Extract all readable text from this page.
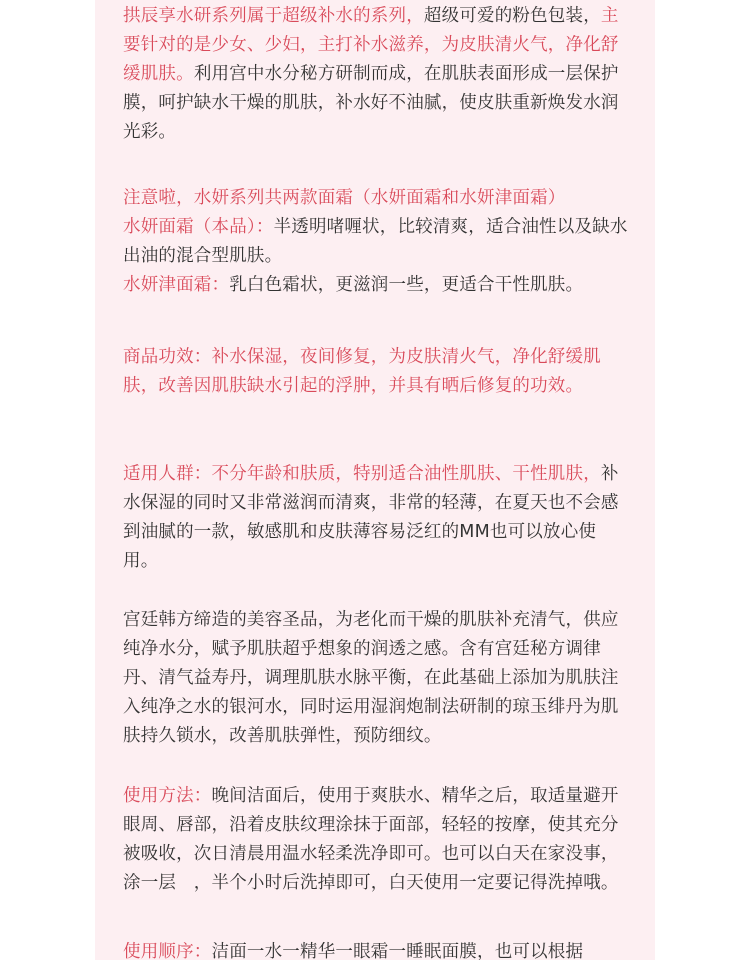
拱辰享水研系列属于超级补水的系列，超级可爱的粉色包装，主要针对的是少女、少妇，主打补水滋养，为皮肤清火气，净化舒缓肌肤。利用宫中水分秘方研制而成，在肌肤表面形成一层保护膜，呵护缺水干燥的肌肤，补水好不油腻，使皮肤重新焕发水润光彩。

注意啦，水妍系列共两款面霜（水妍面霜和水妍津面霜）

水妍面霜（本品）：半透明啫喱状，比较清爽，适合油性以及缺水出油的混合型肌肤。

水妍津面霜：乳白色霜状，更滋润一些，更适合干性肌肤。

商品功效：补水保湿，夜间修复，为皮肤清火气，净化舒缓肌肤，改善因肌肤缺水引起的浮肿，并具有晒后修复的功效。

适用人群：不分年龄和肤质，特别适合油性肌肤、干性肌肤，补水保湿的同时又非常滋润而清爽，非常的轻薄，在夏天也不会感到油腻的一款，敏感肌和皮肤薄容易泛红的MM也可以放心使用。

宫廷韩方缔造的美容圣品，为老化而干燥的肌肤补充清气，供应纯净水分，赋予肌肤超乎想象的润透之感。含有宫廷秘方调律丹、清气益寿丹，调理肌肤水脉平衡，在此基础上添加为肌肤注入纯净之水的银河水，同时运用湿润炮制法研制的琼玉绯丹为肌肤持久锁水，改善肌肤弹性，预防细纹。

使用方法：晚间洁面后，使用于爽肤水、精华之后，取适量避开眼周、唇部，沿着皮肤纹理涂抹于面部，轻轻的按摩，使其充分被吸收，次日清晨用温水轻柔洗净即可。也可以白天在家没事，涂一层　，半个小时后洗掉即可，白天使用一定要记得洗掉哦。

使用顺序：洁面一水一精华一眼霜一睡眠面膜，也可以根据
